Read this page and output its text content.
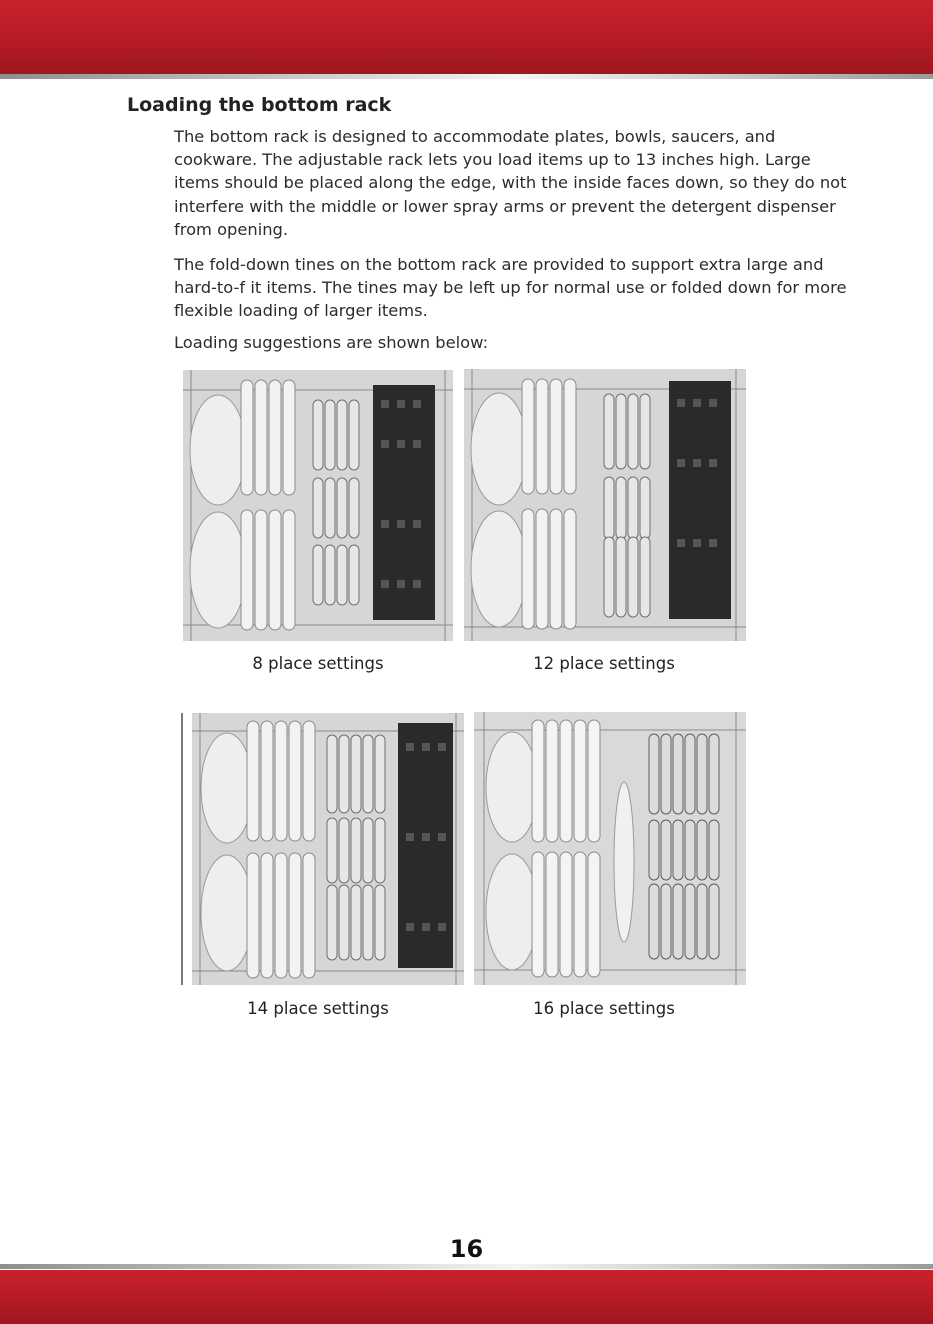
Loading the bottom rack

The bottom rack is designed to accommodate plates, bowls, saucers, and cookware. The adjustable rack lets you load items up to 13 inches high. Large items should be placed along the edge, with the inside faces down, so they do not interfere with the middle or lower spray arms or prevent the detergent dispenser from opening.

The fold-down tines on the bottom rack are provided to support extra large and hard-to-f it items. The tines may be left up for normal use or folded down for more flexible loading of larger items.

Loading suggestions are shown below:

8 place settings	12 place settings

14 place settings	16 place settings

16
